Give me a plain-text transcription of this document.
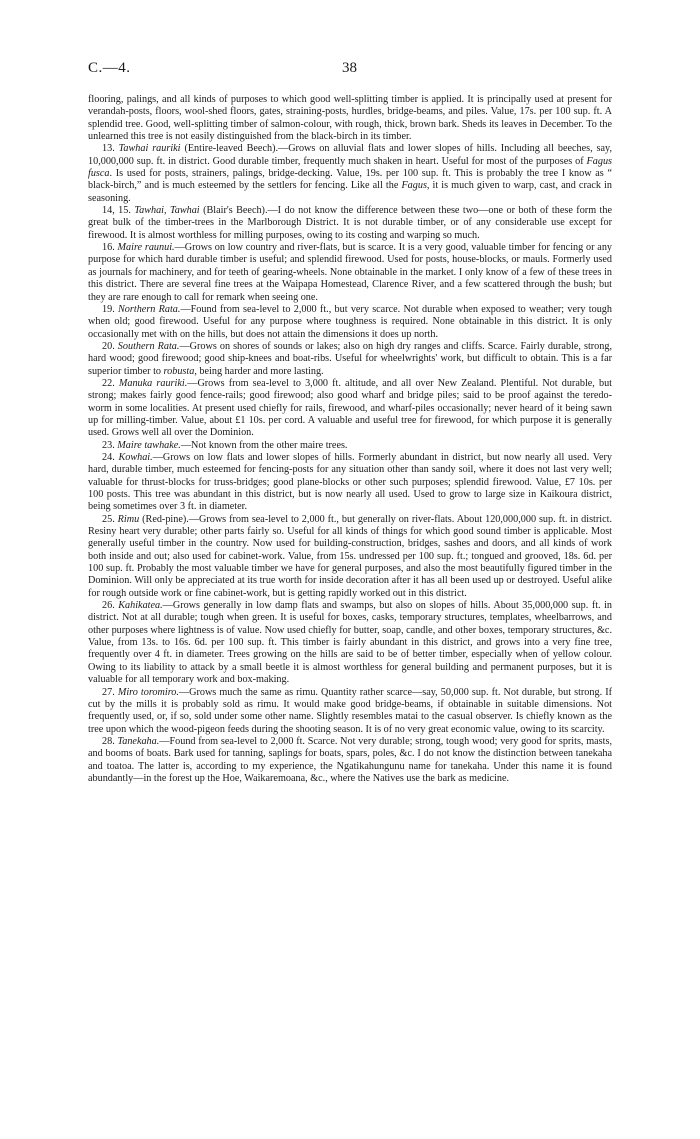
C.—4.	38

flooring, palings, and all kinds of purposes to which good well-splitting timber is applied. It is principally used at present for verandah-posts, floors, wool-shed floors, gates, straining-posts, hurdles, bridge-beams, and piles. Value, 17s. per 100 sup. ft. A splendid tree. Good, well-splitting timber of salmon-colour, with rough, thick, brown bark. Sheds its leaves in December. To the unlearned this tree is not easily distinguished from the black-birch in its timber.

13. Tawhai rauriki (Entire-leaved Beech).—Grows on alluvial flats and lower slopes of hills. Including all beeches, say, 10,000,000 sup. ft. in district. Good durable timber, frequently much shaken in heart. Useful for most of the purposes of Fagus fusca. Is used for posts, strainers, palings, bridge-decking. Value, 19s. per 100 sup. ft. This is probably the tree I know as “ black-birch,” and is much esteemed by the settlers for fencing. Like all the Fagus, it is much given to warp, cast, and crack in seasoning.

14, 15. Tawhai, Tawhai (Blair's Beech).—I do not know the difference between these two—one or both of these form the great bulk of the timber-trees in the Marlborough District. It is not durable timber, or of any considerable use except for firewood. It is almost worthless for milling purposes, owing to its costing and warping so much.

16. Maire raunui.—Grows on low country and river-flats, but is scarce. It is a very good, valuable timber for fencing or any purpose for which hard durable timber is useful; and splendid firewood. Used for posts, house-blocks, or mauls. Formerly used as journals for machinery, and for teeth of gearing-wheels. None obtainable in the market. I only know of a few of these trees in this district. There are several fine trees at the Waipapa Homestead, Clarence River, and a few scattered through the bush; but they are rare enough to call for remark when seeing one.

19. Northern Rata.—Found from sea-level to 2,000 ft., but very scarce. Not durable when exposed to weather; very tough when old; good firewood. Useful for any purpose where toughness is required. None obtainable in this district. It is only occasionally met with on the hills, but does not attain the dimensions it does up north.

20. Southern Rata.—Grows on shores of sounds or lakes; also on high dry ranges and cliffs. Scarce. Fairly durable, strong, hard wood; good firewood; good ship-knees and boat-ribs. Useful for wheelwrights' work, but difficult to obtain. This is a far superior timber to robusta, being harder and more lasting.

22. Manuka rauriki.—Grows from sea-level to 3,000 ft. altitude, and all over New Zealand. Plentiful. Not durable, but strong; makes fairly good fence-rails; good firewood; also good wharf and bridge piles; said to be proof against the teredo-worm in some localities. At present used chiefly for rails, firewood, and wharf-piles occasionally; never heard of it being sawn up for milling-timber. Value, about £1 10s. per cord. A valuable and useful tree for firewood, for which purpose it is generally used. Grows well all over the Dominion.

23. Maire tawhake.—Not known from the other maire trees.

24. Kowhai.—Grows on low flats and lower slopes of hills. Formerly abundant in district, but now nearly all used. Very hard, durable timber, much esteemed for fencing-posts for any situation other than sandy soil, where it does not last very well; valuable for thrust-blocks for truss-bridges; good plane-blocks or other such purposes; splendid firewood. Value, £7 10s. per 100 posts. This tree was abundant in this district, but is now nearly all used. Used to grow to large size in Kaikoura district, being sometimes over 3 ft. in diameter.

25. Rimu (Red-pine).—Grows from sea-level to 2,000 ft., but generally on river-flats. About 120,000,000 sup. ft. in district. Resiny heart very durable; other parts fairly so. Useful for all kinds of things for which good sound timber is applicable. Most generally useful timber in the country. Now used for building-construction, bridges, sashes and doors, and all kinds of work both inside and out; also used for cabinet-work. Value, from 15s. undressed per 100 sup. ft.; tongued and grooved, 18s. 6d. per 100 sup. ft. Probably the most valuable timber we have for general purposes, and also the most beautifully figured timber in the Dominion. Will only be appreciated at its true worth for inside decoration after it has all been used up or destroyed. Useful alike for rough outside work or fine cabinet-work, but is getting rapidly worked out in this district.

26. Kahikatea.—Grows generally in low damp flats and swamps, but also on slopes of hills. About 35,000,000 sup. ft. in district. Not at all durable; tough when green. It is useful for boxes, casks, temporary structures, templates, wheelbarrows, and other purposes where lightness is of value. Now used chiefly for butter, soap, candle, and other boxes, temporary structures, &c. Value, from 13s. to 16s. 6d. per 100 sup. ft. This timber is fairly abundant in this district, and grows into a very fine tree, frequently over 4 ft. in diameter. Trees growing on the hills are said to be of better timber, especially when of yellow colour. Owing to its liability to attack by a small beetle it is almost worthless for general building and permanent purposes, but it is valuable for all temporary work and box-making.

27. Miro toromiro.—Grows much the same as rimu. Quantity rather scarce—say, 50,000 sup. ft. Not durable, but strong. If cut by the mills it is probably sold as rimu. It would make good bridge-beams, if obtainable in suitable dimensions. Not frequently used, or, if so, sold under some other name. Slightly resembles matai to the casual observer. Is chiefly known as the tree upon which the wood-pigeon feeds during the shooting season. It is of no very great economic value, owing to its scarcity.

28. Tanekaha.—Found from sea-level to 2,000 ft. Scarce. Not very durable; strong, tough wood; very good for sprits, masts, and booms of boats. Bark used for tanning, saplings for boats, spars, poles, &c. I do not know the distinction between tanekaha and toatoa. The latter is, according to my experience, the Ngatikahungunu name for tanekaha. Under this name it is found abundantly—in the forest up the Hoe, Waikaremoana, &c., where the Natives use the bark as medicine.
